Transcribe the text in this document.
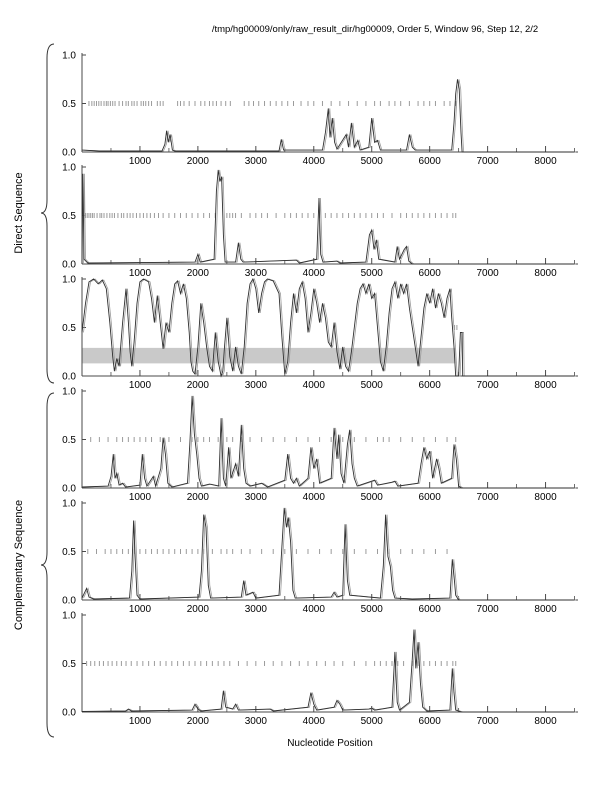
/tmp/hg00009/only/raw_result_dir/hg00009, Order 5, Window 96, Step 12, 2/2
Direct Sequence
Complementary Sequence
0.0
0.5
1.0
1000	2000	3000	4000	5000	6000	7000	8000
0.0
0.5
1.0
1000	2000	3000	4000	5000	6000	7000	8000
0.0
0.5
1.0
1000	2000	3000	4000	5000	6000	7000	8000
0.0
0.5
1.0
1000	2000	3000	4000	5000	6000	7000	8000
0.0
0.5
1.0
1000	2000	3000	4000	5000	6000	7000	8000
0.0
0.5
1.0
1000	2000	3000	4000	5000	6000	7000	8000
Nucleotide Position
